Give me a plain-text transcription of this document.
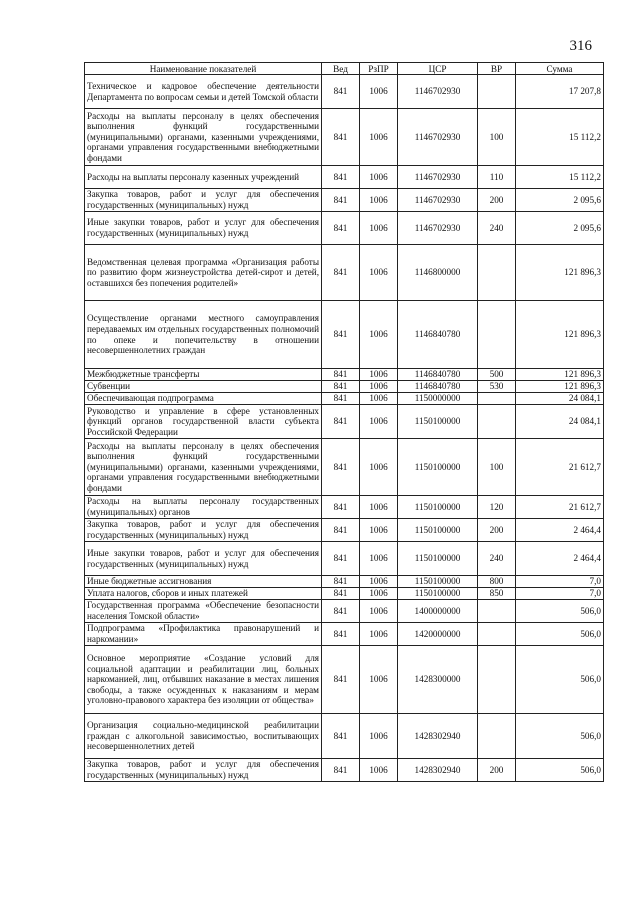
316
Наименование показателей	Вед	РзПР	ЦСР	ВР	Сумма
Техническое и кадровое обеспечение деятельности Департамента по вопросам семьи и детей Томской области	841	1006	1146702930		17 207,8
Расходы на выплаты персоналу в целях обеспечения выполнения функций государственными (муниципальными) органами, казенными учреждениями, органами управления государственными внебюджетными фондами	841	1006	1146702930	100	15 112,2
Расходы на выплаты персоналу казенных учреждений	841	1006	1146702930	110	15 112,2
Закупка товаров, работ и услуг для обеспечения государственных (муниципальных) нужд	841	1006	1146702930	200	2 095,6
Иные закупки товаров, работ и услуг для обеспечения государственных (муниципальных) нужд	841	1006	1146702930	240	2 095,6
Ведомственная целевая программа «Организация работы по развитию форм жизнеустройства детей-сирот и детей, оставшихся без попечения родителей»	841	1006	1146800000		121 896,3
Осуществление органами местного самоуправления передаваемых им отдельных государственных полномочий по опеке и попечительству в отношении несовершеннолетних граждан	841	1006	1146840780		121 896,3
Межбюджетные трансферты	841	1006	1146840780	500	121 896,3
Субвенции	841	1006	1146840780	530	121 896,3
Обеспечивающая подпрограмма	841	1006	1150000000		24 084,1
Руководство и управление в сфере установленных функций органов государственной власти субъекта Российской Федерации	841	1006	1150100000		24 084,1
Расходы на выплаты персоналу в целях обеспечения выполнения функций государственными (муниципальными) органами, казенными учреждениями, органами управления государственными внебюджетными фондами	841	1006	1150100000	100	21 612,7
Расходы на выплаты персоналу государственных (муниципальных) органов	841	1006	1150100000	120	21 612,7
Закупка товаров, работ и услуг для обеспечения государственных (муниципальных) нужд	841	1006	1150100000	200	2 464,4
Иные закупки товаров, работ и услуг для обеспечения государственных (муниципальных) нужд	841	1006	1150100000	240	2 464,4
Иные бюджетные ассигнования	841	1006	1150100000	800	7,0
Уплата налогов, сборов и иных платежей	841	1006	1150100000	850	7,0
Государственная программа «Обеспечение безопасности населения Томской области»	841	1006	1400000000		506,0
Подпрограмма «Профилактика правонарушений и наркомании»	841	1006	1420000000		506,0
Основное мероприятие «Создание условий для социальной адаптации и реабилитации лиц, больных наркоманией, лиц, отбывших наказание в местах лишения свободы, а также осужденных к наказаниям и мерам уголовно-правового характера без изоляции от общества»	841	1006	1428300000		506,0
Организация социально-медицинской реабилитации граждан с алкогольной зависимостью, воспитывающих несовершеннолетних детей	841	1006	1428302940		506,0
Закупка товаров, работ и услуг для обеспечения государственных (муниципальных) нужд	841	1006	1428302940	200	506,0
